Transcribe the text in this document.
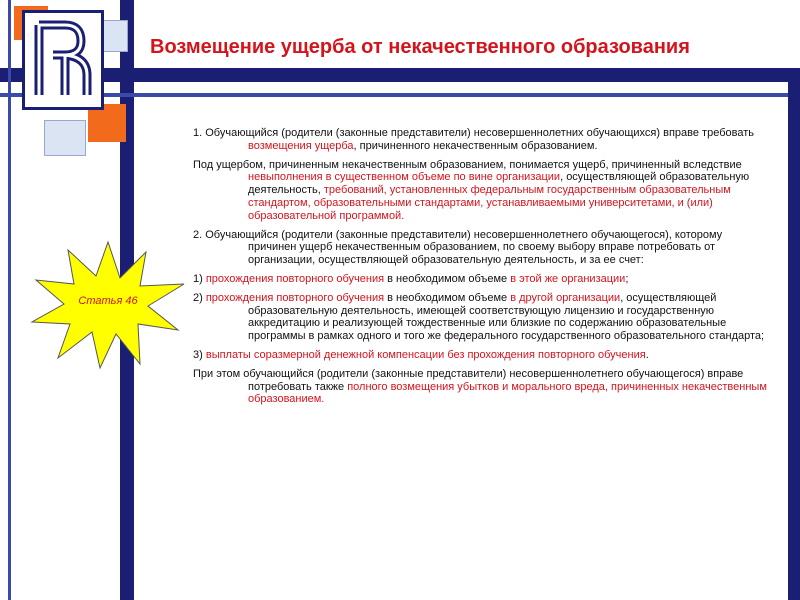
Возмещение ущерба от некачественного образования
Статья 46
1. Обучающийся (родители (законные представители) несовершеннолетних обучающихся) вправе требовать возмещения ущерба, причиненного некачественным образованием.
Под ущербом, причиненным некачественным образованием, понимается ущерб, причиненный вследствие невыполнения в существенном объеме по вине организации, осуществляющей образовательную деятельность, требований, установленных федеральным государственным образовательным стандартом, образовательными стандартами, устанавливаемыми университетами, и (или) образовательной программой.
2. Обучающийся (родители (законные представители) несовершеннолетнего обучающегося), которому причинен ущерб некачественным образованием, по своему выбору вправе потребовать от организации, осуществляющей образовательную деятельность, и за ее счет:
1) прохождения повторного обучения в необходимом объеме в этой же организации;
2) прохождения повторного обучения в необходимом объеме в другой организации, осуществляющей образовательную деятельность, имеющей соответствующую лицензию и государственную аккредитацию и реализующей тождественные или близкие по содержанию образовательные программы в рамках одного и того же федерального государственного образовательного стандарта;
3) выплаты соразмерной денежной компенсации без прохождения повторного обучения.
При этом обучающийся (родители (законные представители) несовершеннолетнего обучающегося) вправе потребовать также полного возмещения убытков и морального вреда, причиненных некачественным образованием.
